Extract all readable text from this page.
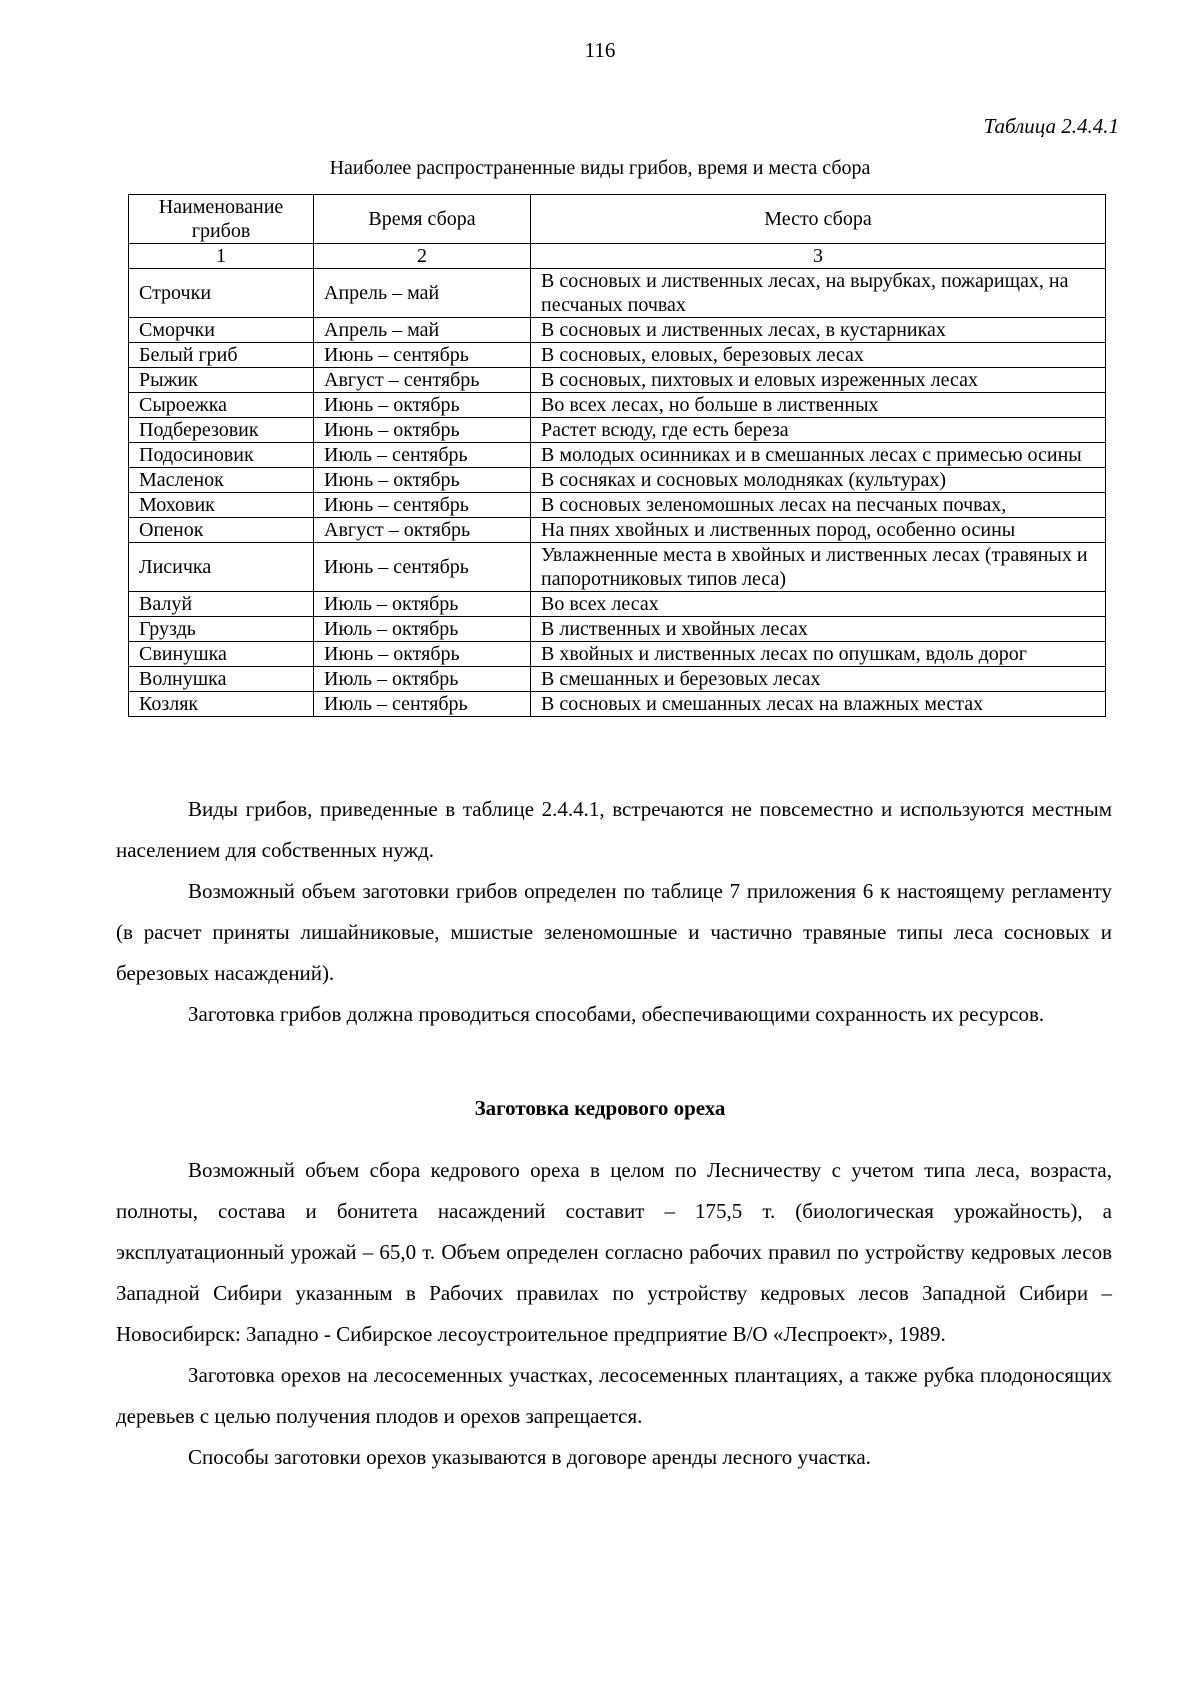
116
Таблица 2.4.4.1
Наиболее распространенные виды грибов, время и места сбора
Наименование грибов	Время сбора	Место сбора
1	2	3
Строчки	Апрель – май	В сосновых и лиственных лесах, на вырубках, пожарищах, на песчаных почвах
Сморчки	Апрель – май	В сосновых и лиственных лесах, в кустарниках
Белый гриб	Июнь – сентябрь	В сосновых, еловых, березовых лесах
Рыжик	Август – сентябрь	В сосновых, пихтовых и еловых изреженных лесах
Сыроежка	Июнь – октябрь	Во всех лесах, но больше в лиственных
Подберезовик	Июнь – октябрь	Растет всюду, где есть береза
Подосиновик	Июль – сентябрь	В молодых осинниках и в смешанных лесах с примесью осины
Масленок	Июнь – октябрь	В сосняках и сосновых молодняках (культурах)
Моховик	Июнь – сентябрь	В сосновых зеленомошных лесах на песчаных почвах,
Опенок	Август – октябрь	На пнях хвойных и лиственных пород, особенно осины
Лисичка	Июнь – сентябрь	Увлажненные места в хвойных и лиственных лесах (травяных и папоротниковых типов леса)
Валуй	Июль – октябрь	Во всех лесах
Груздь	Июль – октябрь	В лиственных и хвойных лесах
Свинушка	Июнь – октябрь	В хвойных и лиственных лесах по опушкам, вдоль дорог
Волнушка	Июль – октябрь	В смешанных и березовых лесах
Козляк	Июль – сентябрь	В сосновых и смешанных лесах на влажных местах

Виды грибов, приведенные в таблице 2.4.4.1, встречаются не повсеместно и используются местным населением для собственных нужд.

Возможный объем заготовки грибов определен по таблице 7 приложения 6 к настоящему регламенту (в расчет приняты лишайниковые, мшистые зеленомошные и частично травяные типы леса сосновых и березовых насаждений).

Заготовка грибов должна проводиться способами, обеспечивающими сохранность их ресурсов.

Заготовка кедрового ореха

Возможный объем сбора кедрового ореха в целом по Лесничеству с учетом типа леса, возраста, полноты, состава и бонитета насаждений составит – 175,5 т. (биологическая урожайность), а эксплуатационный урожай – 65,0 т. Объем определен согласно рабочих правил по устройству кедровых лесов Западной Сибири указанным в Рабочих правилах по устройству кедровых лесов Западной Сибири – Новосибирск: Западно - Сибирское лесоустроительное предприятие В/О «Леспроект», 1989.

Заготовка орехов на лесосеменных участках, лесосеменных плантациях, а также рубка плодоносящих деревьев с целью получения плодов и орехов запрещается.

Способы заготовки орехов указываются в договоре аренды лесного участка.
